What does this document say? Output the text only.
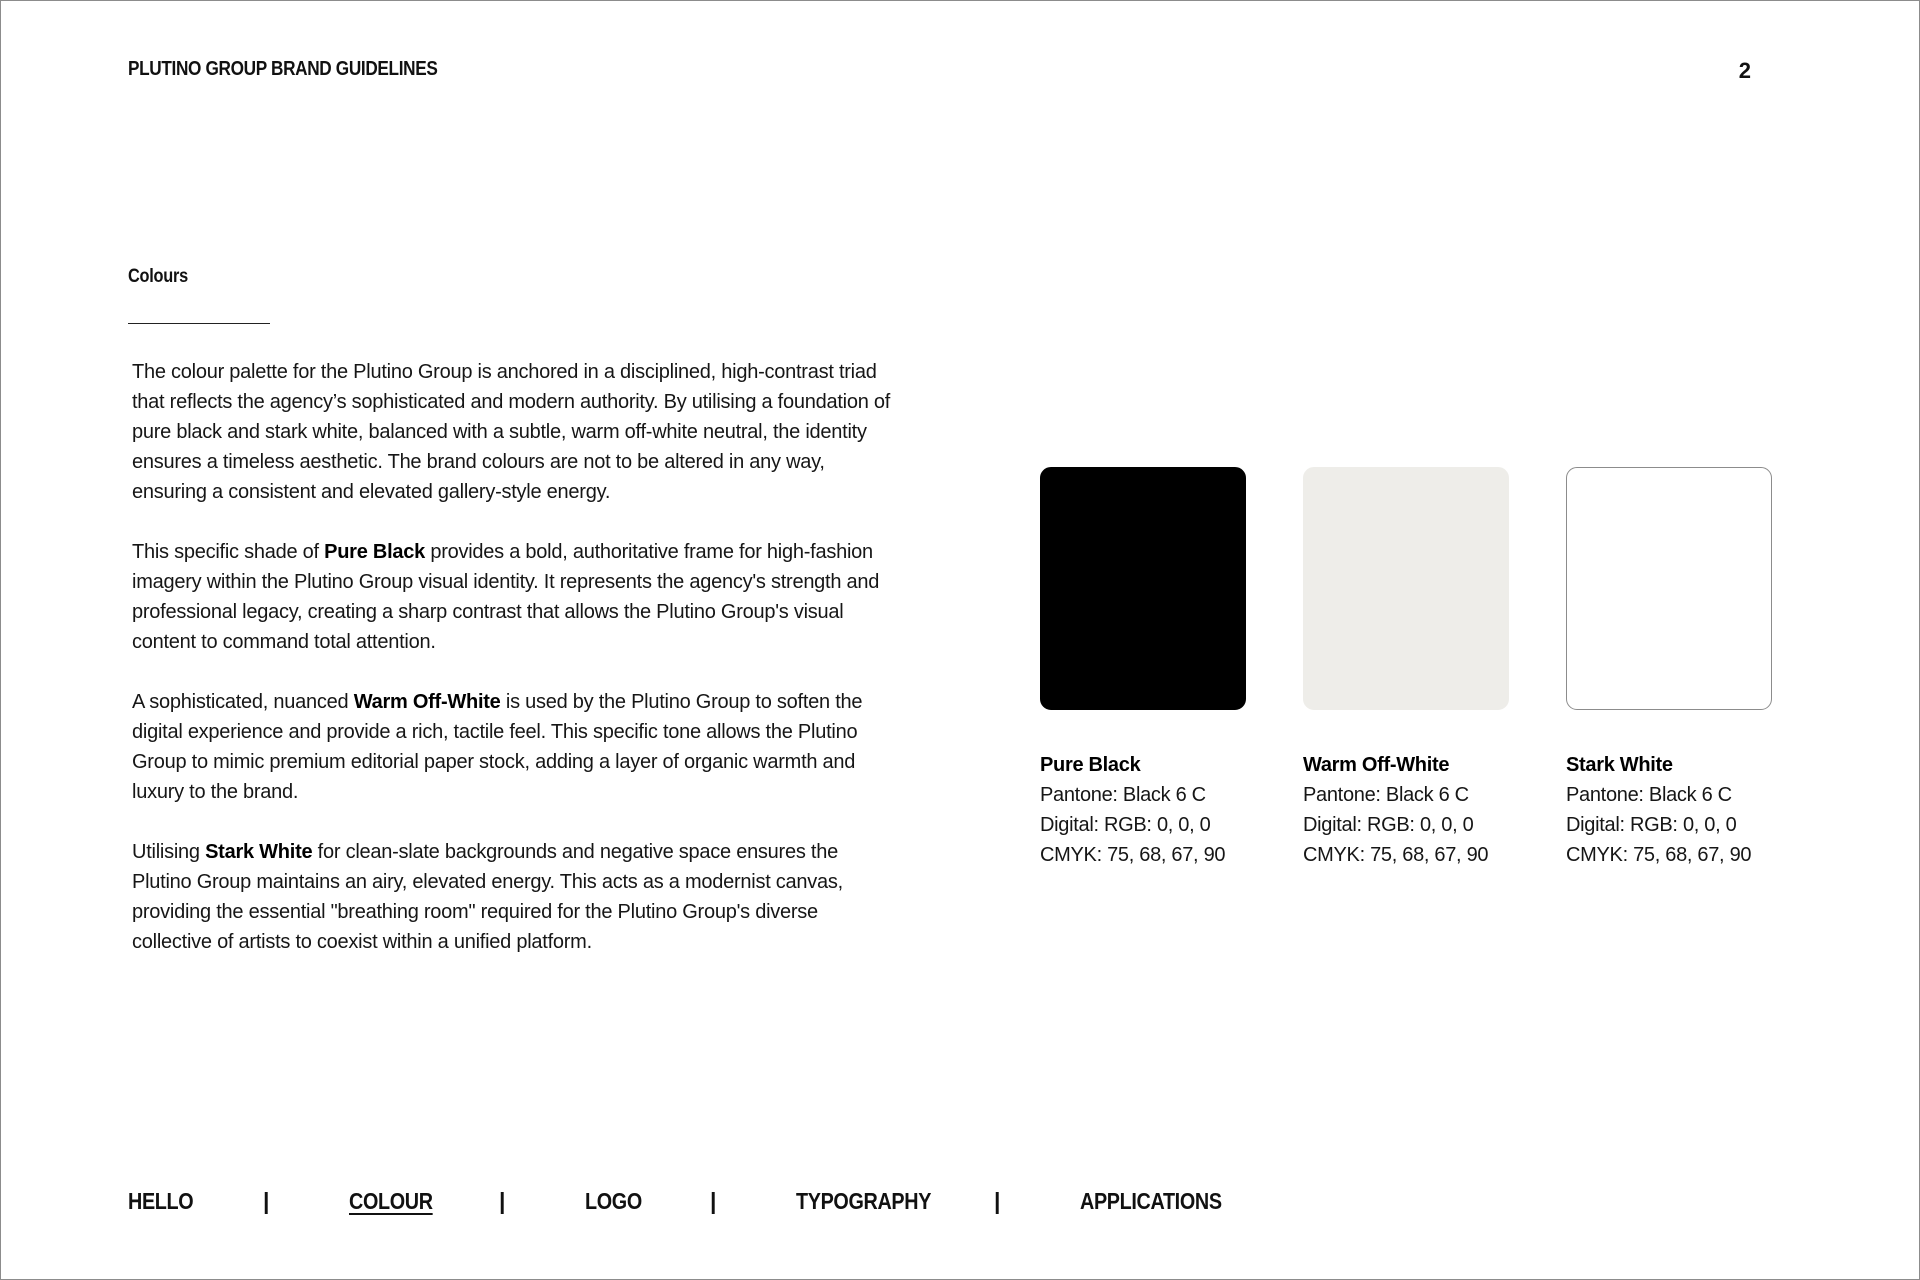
PLUTINO GROUP BRAND GUIDELINES	2
Colours

The colour palette for the Plutino Group is anchored in a disciplined, high-contrast triad that reflects the agency’s sophisticated and modern authority. By utilising a foundation of pure black and stark white, balanced with a subtle, warm off-white neutral, the identity ensures a timeless aesthetic. The brand colours are not to be altered in any way, ensuring a consistent and elevated gallery-style energy.

This specific shade of Pure Black provides a bold, authoritative frame for high-fashion imagery within the Plutino Group visual identity. It represents the agency's strength and professional legacy, creating a sharp contrast that allows the Plutino Group's visual content to command total attention.

A sophisticated, nuanced Warm Off-White is used by the Plutino Group to soften the digital experience and provide a rich, tactile feel. This specific tone allows the Plutino Group to mimic premium editorial paper stock, adding a layer of organic warmth and luxury to the brand.

Utilising Stark White for clean-slate backgrounds and negative space ensures the Plutino Group maintains an airy, elevated energy. This acts as a modernist canvas, providing the essential "breathing room" required for the Plutino Group's diverse collective of artists to coexist within a unified platform.

Pure Black
Pantone: Black 6 C
Digital: RGB: 0, 0, 0
CMYK: 75, 68, 67, 90
Warm Off-White
Pantone: Black 6 C
Digital: RGB: 0, 0, 0
CMYK: 75, 68, 67, 90
Stark White
Pantone: Black 6 C
Digital: RGB: 0, 0, 0
CMYK: 75, 68, 67, 90
HELLO	|	COLOUR	|	LOGO	|	TYPOGRAPHY	|	APPLICATIONS
